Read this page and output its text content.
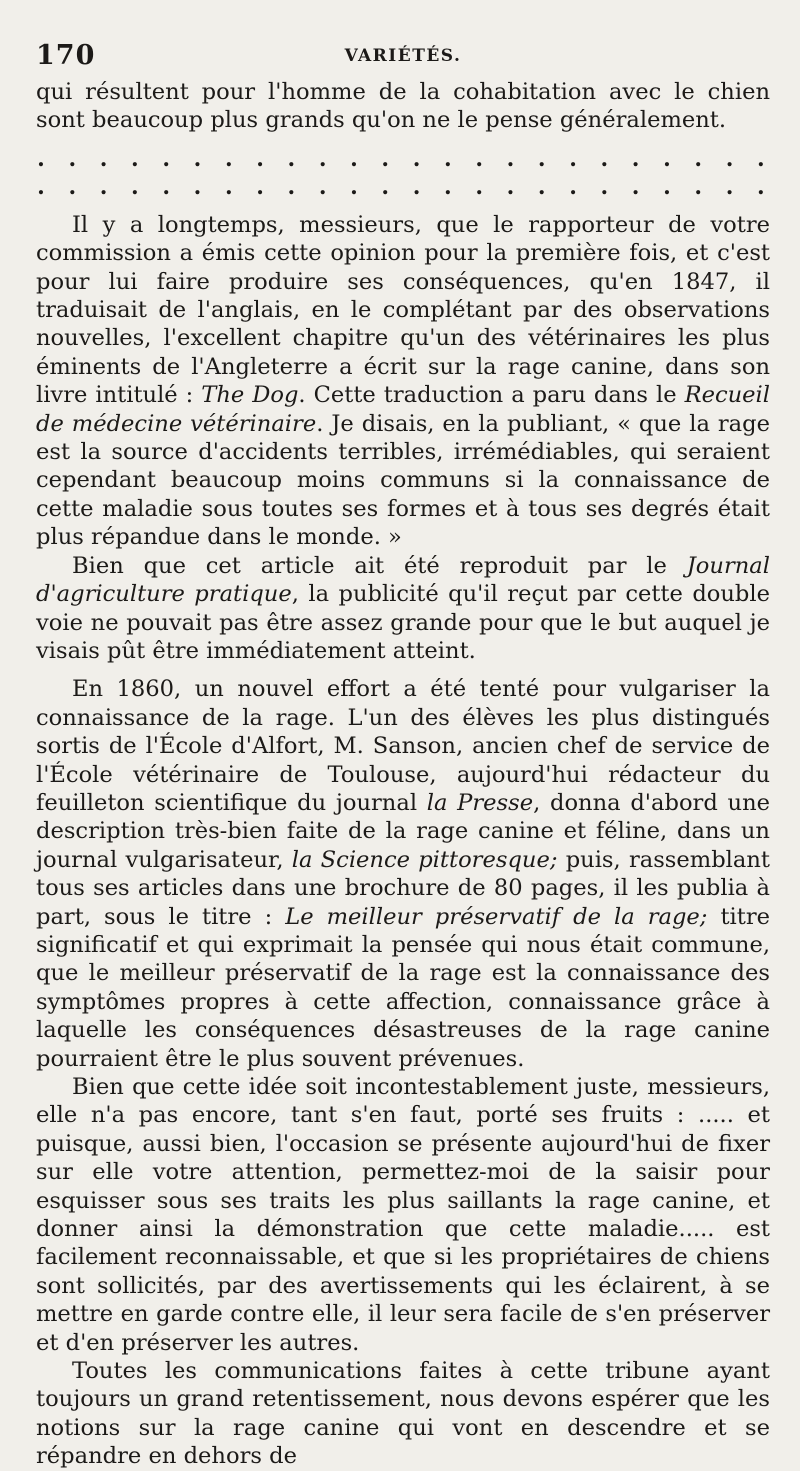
170	VARIÉTÉS.

qui résultent pour l'homme de la cohabitation avec le chien sont beaucoup plus grands qu'on ne le pense généralement.

. . . . . . . . . . . . . . . . . . . . . . . .
. . . . . . . . . . . . . . . . . . . . . . . .

Il y a longtemps, messieurs, que le rapporteur de votre commission a émis cette opinion pour la première fois, et c'est pour lui faire produire ses conséquences, qu'en 1847, il traduisait de l'anglais, en le complétant par des observations nouvelles, l'excellent chapitre qu'un des vétérinaires les plus éminents de l'Angleterre a écrit sur la rage canine, dans son livre intitulé : The Dog. Cette traduction a paru dans le Recueil de médecine vétérinaire. Je disais, en la publiant, « que la rage est la source d'accidents terribles, irrémédiables, qui seraient cependant beaucoup moins communs si la connaissance de cette maladie sous toutes ses formes et à tous ses degrés était plus répandue dans le monde. »

Bien que cet article ait été reproduit par le Journal d'agriculture pratique, la publicité qu'il reçut par cette double voie ne pouvait pas être assez grande pour que le but auquel je visais pût être immédiatement atteint.

En 1860, un nouvel effort a été tenté pour vulgariser la connaissance de la rage. L'un des élèves les plus distingués sortis de l'École d'Alfort, M. Sanson, ancien chef de service de l'École vétérinaire de Toulouse, aujourd'hui rédacteur du feuilleton scientifique du journal la Presse, donna d'abord une description très-bien faite de la rage canine et féline, dans un journal vulgarisateur, la Science pittoresque; puis, rassemblant tous ses articles dans une brochure de 80 pages, il les publia à part, sous le titre : Le meilleur préservatif de la rage; titre significatif et qui exprimait la pensée qui nous était commune, que le meilleur préservatif de la rage est la connaissance des symptômes propres à cette affection, connaissance grâce à laquelle les conséquences désastreuses de la rage canine pourraient être le plus souvent prévenues.

Bien que cette idée soit incontestablement juste, messieurs, elle n'a pas encore, tant s'en faut, porté ses fruits : ..... et puisque, aussi bien, l'occasion se présente aujourd'hui de fixer sur elle votre attention, permettez-moi de la saisir pour esquisser sous ses traits les plus saillants la rage canine, et donner ainsi la démonstration que cette maladie..... est facilement reconnaissable, et que si les propriétaires de chiens sont sollicités, par des avertissements qui les éclairent, à se mettre en garde contre elle, il leur sera facile de s'en préserver et d'en préserver les autres.

Toutes les communications faites à cette tribune ayant toujours un grand retentissement, nous devons espérer que les notions sur la rage canine qui vont en descendre et se répandre en dehors de
